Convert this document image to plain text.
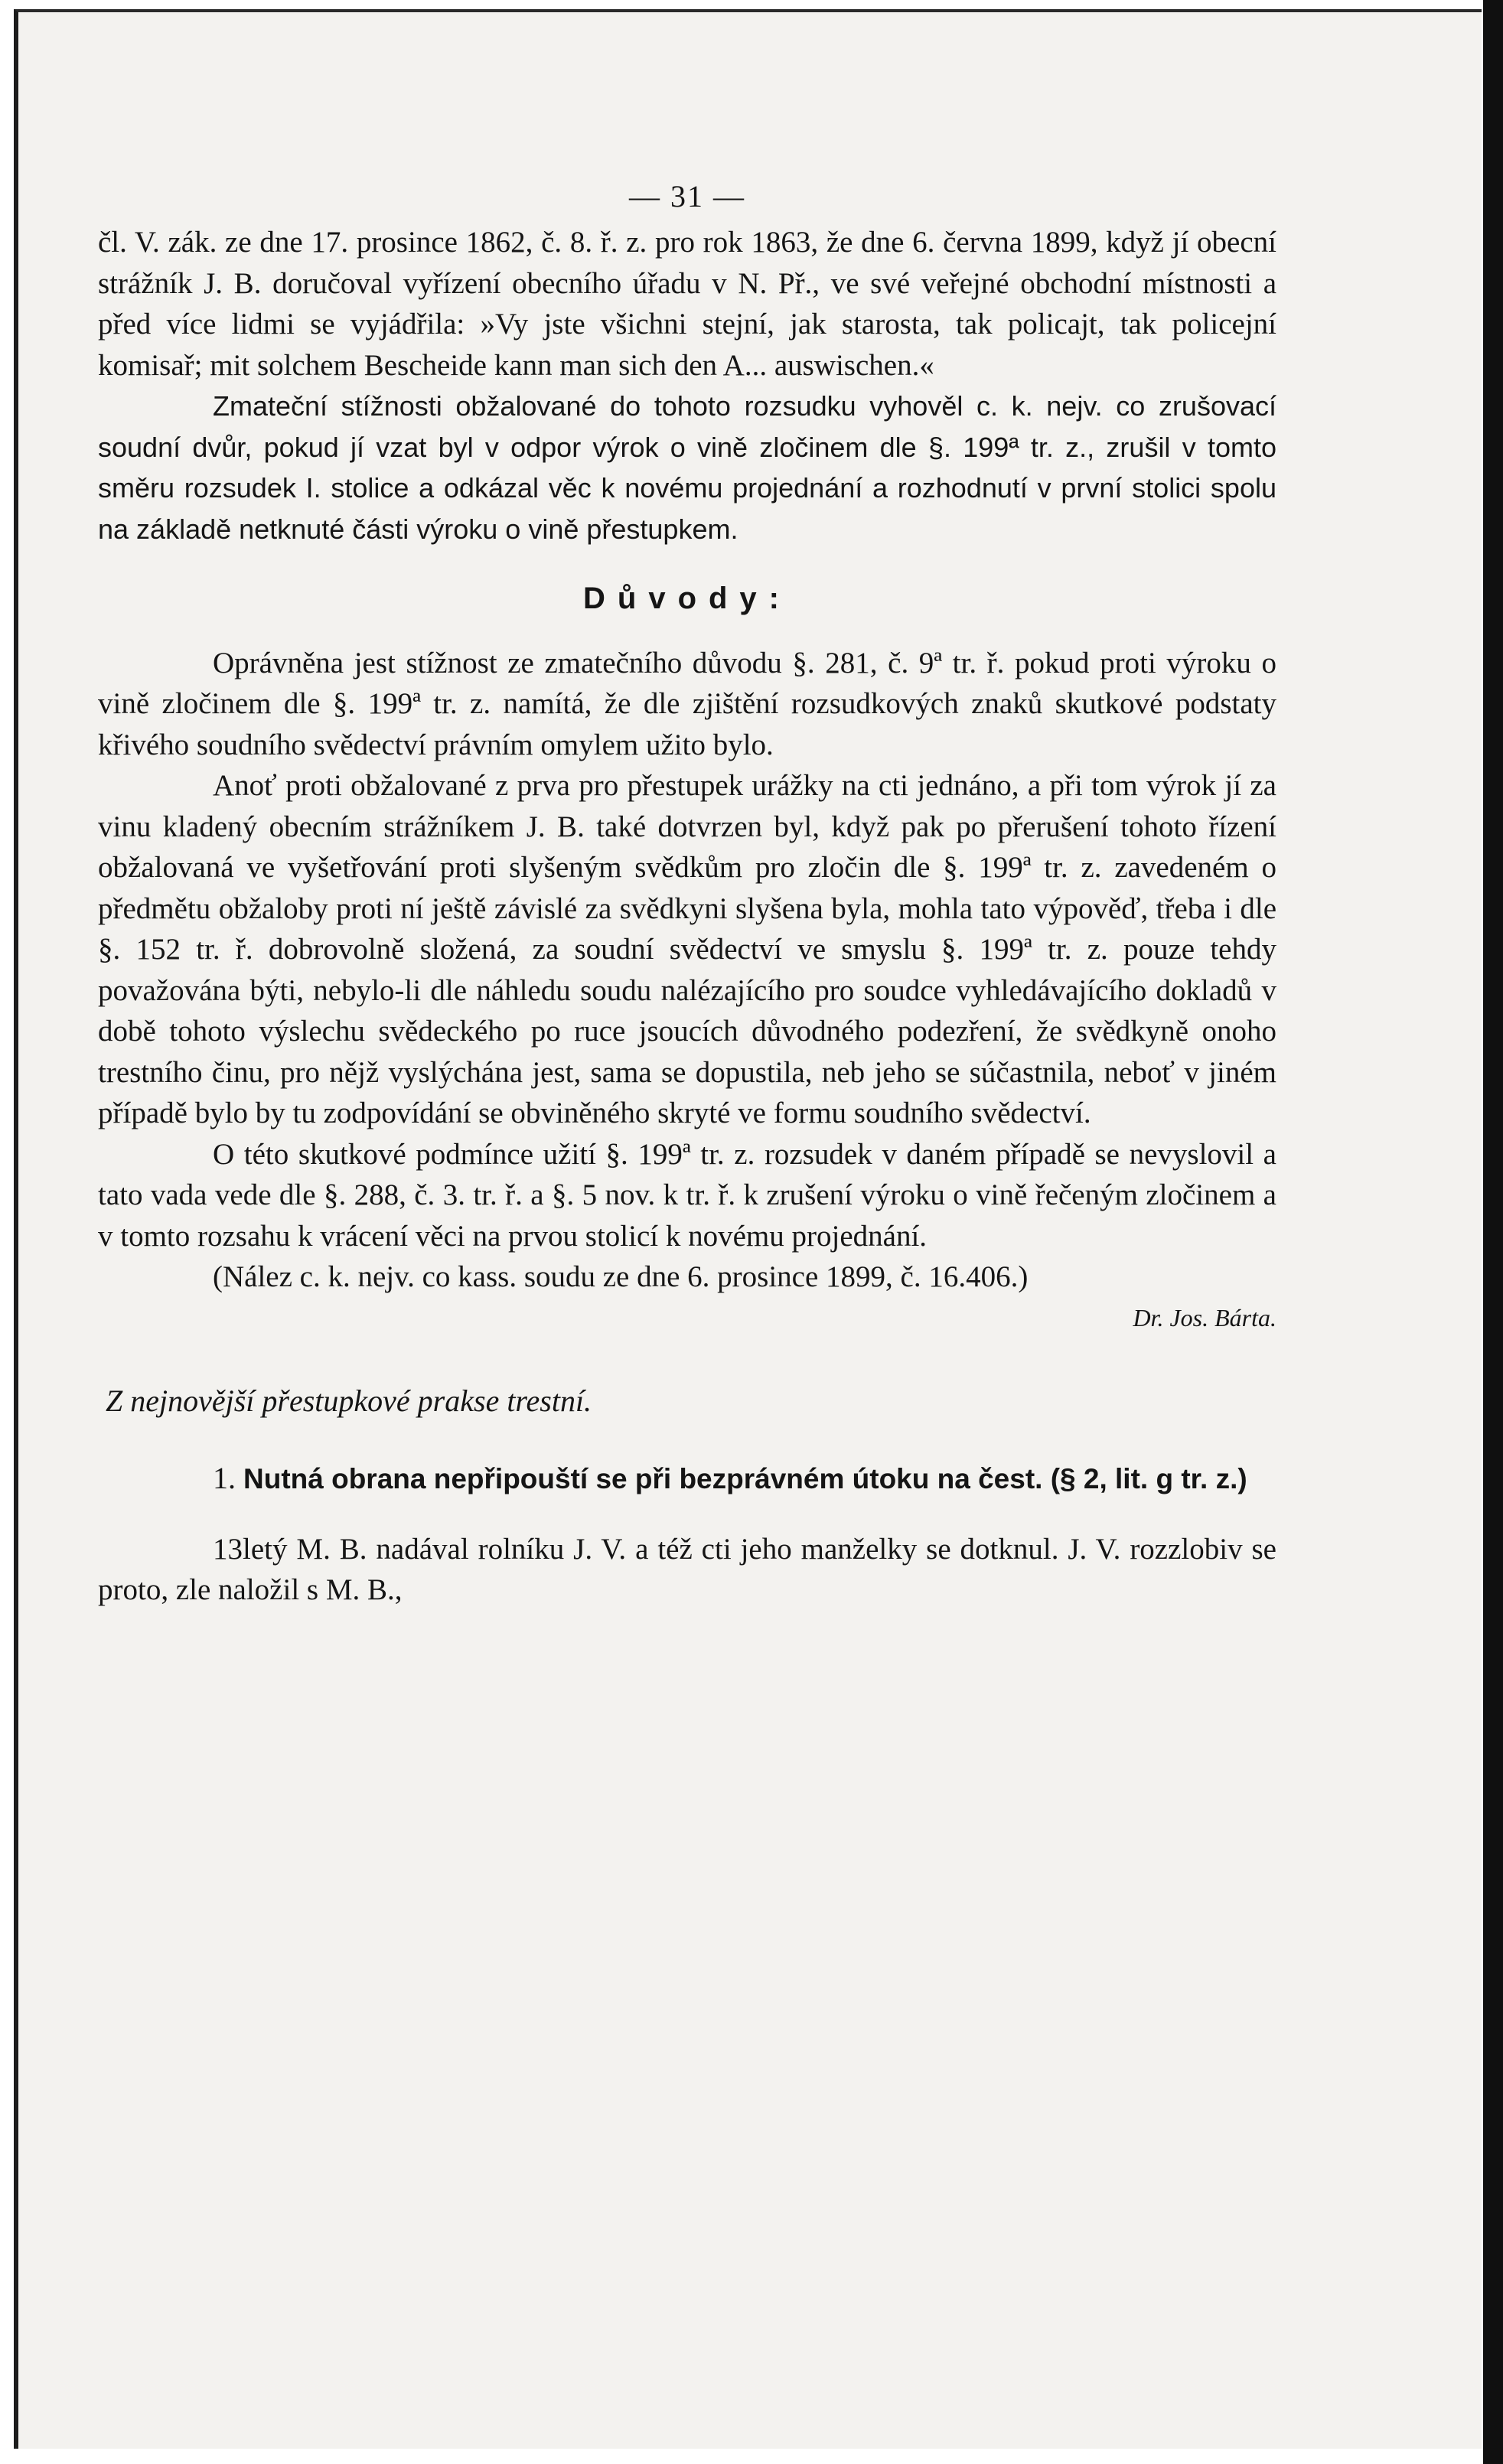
— 31 —

čl. V. zák. ze dne 17. prosince 1862, č. 8. ř. z. pro rok 1863, že dne 6. června 1899, když jí obecní strážník J. B. doručoval vyřízení obecního úřadu v N. Př., ve své veřejné obchodní místnosti a před více lidmi se vyjádřila: »Vy jste všichni stejní, jak starosta, tak policajt, tak policejní komisař; mit solchem Bescheide kann man sich den A... auswischen.«

Zmateční stížnosti obžalované do tohoto rozsudku vyhověl c. k. nejv. co zrušovací soudní dvůr, pokud jí vzat byl v odpor výrok o vině zločinem dle §. 199ª tr. z., zrušil v tomto směru rozsudek I. stolice a odkázal věc k novému projednání a rozhodnutí v první stolici spolu na základě netknuté části výroku o vině přestupkem.

Důvody:

Oprávněna jest stížnost ze zmatečního důvodu §. 281, č. 9ª tr. ř. pokud proti výroku o vině zločinem dle §. 199ª tr. z. namítá, že dle zjištění rozsudkových znaků skutkové podstaty křivého soudního svědectví právním omylem užito bylo.

Anoť proti obžalované z prva pro přestupek urážky na cti jednáno, a při tom výrok jí za vinu kladený obecním strážníkem J. B. také dotvrzen byl, když pak po přerušení tohoto řízení obžalovaná ve vyšetřování proti slyšeným svědkům pro zločin dle §. 199ª tr. z. zavedeném o předmětu obžaloby proti ní ještě závislé za svědkyni slyšena byla, mohla tato výpověď, třeba i dle §. 152 tr. ř. dobrovolně složená, za soudní svědectví ve smyslu §. 199ª tr. z. pouze tehdy považována býti, nebylo-li dle náhledu soudu nalézajícího pro soudce vyhledávajícího dokladů v době tohoto výslechu svědeckého po ruce jsoucích důvodného podezření, že svědkyně onoho trestního činu, pro nějž vyslýchána jest, sama se dopustila, neb jeho se súčastnila, neboť v jiném případě bylo by tu zodpovídání se obviněného skryté ve formu soudního svědectví.

O této skutkové podmínce užití §. 199ª tr. z. rozsudek v daném případě se nevyslovil a tato vada vede dle §. 288, č. 3. tr. ř. a §. 5 nov. k tr. ř. k zrušení výroku o vině řečeným zločinem a v tomto rozsahu k vrácení věci na prvou stolicí k novému projednání.

(Nález c. k. nejv. co kass. soudu ze dne 6. prosince 1899, č. 16.406.)
Dr. Jos. Bárta.

Z nejnovější přestupkové prakse trestní.

1. Nutná obrana nepřipouští se při bezprávném útoku na čest. (§ 2, lit. g tr. z.)

13letý M. B. nadával rolníku J. V. a též cti jeho manželky se dotknul. J. V. rozzlobiv se proto, zle naložil s M. B.,
